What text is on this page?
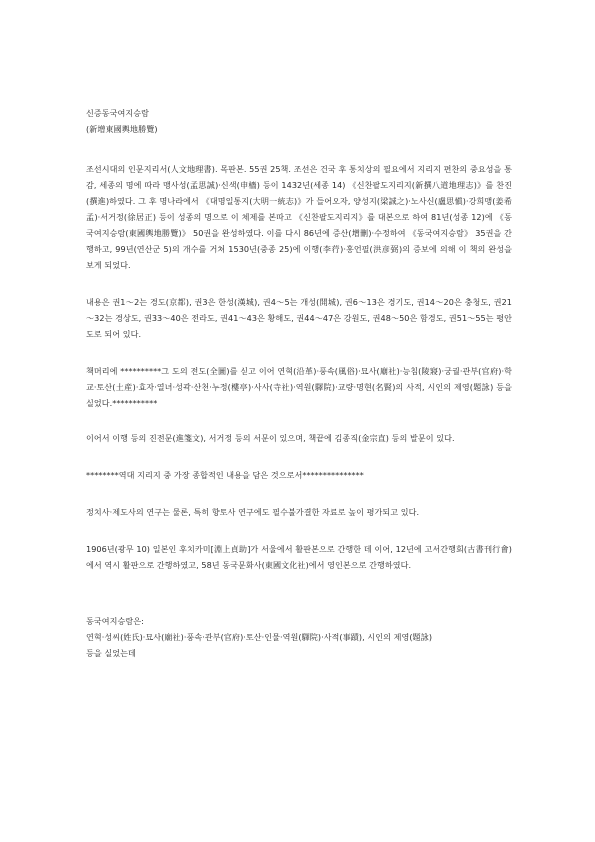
신증동국여지승람

(新增東國輿地勝覽)

조선시대의 인문지리서(人文地理書). 목판본. 55권 25책. 조선은 건국 후 통치상의 필요에서 지리지 편찬의 중요성을 통감, 세종의 명에 따라 맹사성(孟思誠)·신색(申檣) 등이 1432년(세종 14) 《신찬팔도지리지(新撰八道地理志)》를 찬진(撰進)하였다. 그 후 명나라에서 《대명일통지(大明一統志)》가 들어오자, 양성지(梁誠之)·노사신(盧思愼)·강희맹(姜希孟)·서거정(徐居正) 등이 성종의 명으로 이 체제를 본따고 《신찬팔도지리지》를 대본으로 하여 81년(성종 12)에 《동국여지승람(東國輿地勝覽)》 50권을 완성하였다. 이를 다시 86년에 증산(增刪)·수정하여 《동국여지승람》 35권을 간행하고, 99년(연산군 5)의 개수를 거쳐 1530년(중종 25)에 이행(李荇)·홍언필(洪彦弼)의 증보에 의해 이 책의 완성을 보게 되었다.

내용은 권1～2는 경도(京都), 권3은 한성(漢城), 권4～5는 개성(開城), 권6～13은 경기도, 권14～20은 충청도, 권21～32는 경상도, 권33～40은 전라도, 권41～43은 황해도, 권44～47은 강원도, 권48～50은 함경도, 권51～55는 평안도로 되어 있다.

책머리에 **********그 도의 전도(全圖)를 싣고 이어 연혁(沿革)·풍속(風俗)·묘사(廟社)·능침(陵寢)·궁궐·관부(官府)·학교·토산(土産)·효자·열녀·성곽·산천·누정(樓亭)·사사(寺社)·역원(驛院)·교량·명현(名賢)의 사적, 시인의 제영(題詠) 등을 실었다.***********

이어서 이행 등의 진전문(進箋文), 서거정 등의 서문이 있으며, 책끝에 김종직(金宗直) 등의 발문이 있다.

********역대 지리지 중 가장 종합적인 내용을 담은 것으로서***************

정치사·제도사의 연구는 물론, 특히 향토사 연구에도 필수불가결한 자료로 높이 평가되고 있다.

1906년(광무 10) 일본인 후치카미[淵上貞助]가 서울에서 활판본으로 간행한 데 이어, 12년에 고서간행회(古書刊行會)에서 역시 활판으로 간행하였고, 58년 동국문화사(東國文化社)에서 영인본으로 간행하였다.

동국여지승람은:

연혁·성씨(姓氏)·묘사(廟社)·풍속·관부(官府)·토산·인물·역원(驛院)·사적(事蹟), 시인의 제영(題詠)

등을 실었는데
